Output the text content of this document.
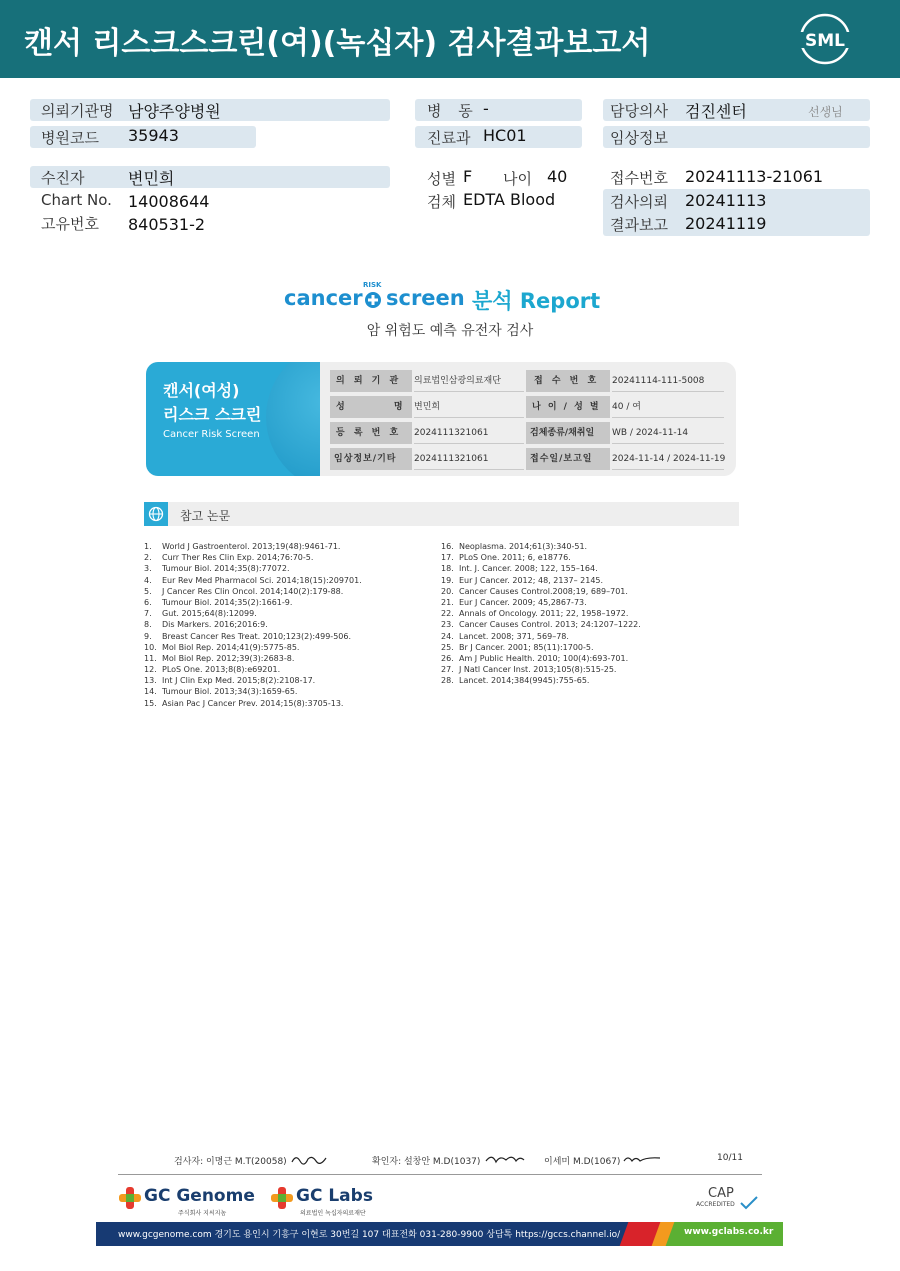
캔서 리스크스크린(여)(녹십자) 검사결과보고서	SML
의뢰기관명 남양주양병원
병원코드 35943
수진자	변민희
Chart No. 14008644
고유번호 840531-2
병 동 -
진료과 HC01
성별 F 나이 40
검체 EDTA Blood
담당의사 검진센터	선생님
임상정보
접수번호 20241113-21061
검사의뢰 20241113
결과보고 20241119
cancer
RISK
screen 분석 Report
암 위험도 예측 유전자 검사
캔서(여성)
리스크 스크린
Cancer Risk Screen
의 뢰 기 관	의료법인삼광의료재단	접 수 번 호	20241114-111-5008
성 명 변민희	나 이 / 성 별	40 / 여
등 록 번 호	2024111321061	검체종류/채취일	WB / 2024-11-14
임상정보/기타	2024111321061	접수일/보고일	2024-11-14 / 2024-11-19
참고 논문
1. World J Gastroenterol. 2013;19(48):9461-71.
2. Curr Ther Res Clin Exp. 2014;76:70-5.
3. Tumour Biol. 2014;35(8):77072.
4. Eur Rev Med Pharmacol Sci. 2014;18(15):209701.
5. J Cancer Res Clin Oncol. 2014;140(2):179-88.
6. Tumour Biol. 2014;35(2):1661-9.
7. Gut. 2015;64(8):12099.
8. Dis Markers. 2016;2016:9.
9. Breast Cancer Res Treat. 2010;123(2):499-506.
10. Mol Biol Rep. 2014;41(9):5775-85.
11. Mol Biol Rep. 2012;39(3):2683-8.
12. PLoS One. 2013;8(8):e69201.
13. Int J Clin Exp Med. 2015;8(2):2108-17.
14. Tumour Biol. 2013;34(3):1659-65.
15. Asian Pac J Cancer Prev. 2014;15(8):3705-13.
16. Neoplasma. 2014;61(3):340-51.
17. PLoS One. 2011; 6, e18776.
18. Int. J. Cancer. 2008; 122, 155–164.
19. Eur J Cancer. 2012; 48, 2137– 2145.
20. Cancer Causes Control.2008;19, 689–701.
21. Eur J Cancer. 2009; 45,2867-73.
22. Annals of Oncology. 2011; 22, 1958–1972.
23. Cancer Causes Control. 2013; 24:1207–1222.
24. Lancet. 2008; 371, 569–78.
25. Br J Cancer. 2001; 85(11):1700-5.
26. Am J Public Health. 2010; 100(4):693-701.
27. J Natl Cancer Inst. 2013;105(8):515-25.
28. Lancet. 2014;384(9945):755-65.
검사자: 이명근 M.T(20058)	확인자: 설창안 M.D(1037)	이세미 M.D(1067)	10/11
GC Genome
주식회사 지씨지놈
GC Labs
의료법인 녹십자의료재단
CAP
ACCREDITED
www.gcgenome.com 경기도 용인시 기흥구 이현로 30번길 107 대표전화 031-280-9900 상담톡 https://gccs.channel.io/	www.gclabs.co.kr
